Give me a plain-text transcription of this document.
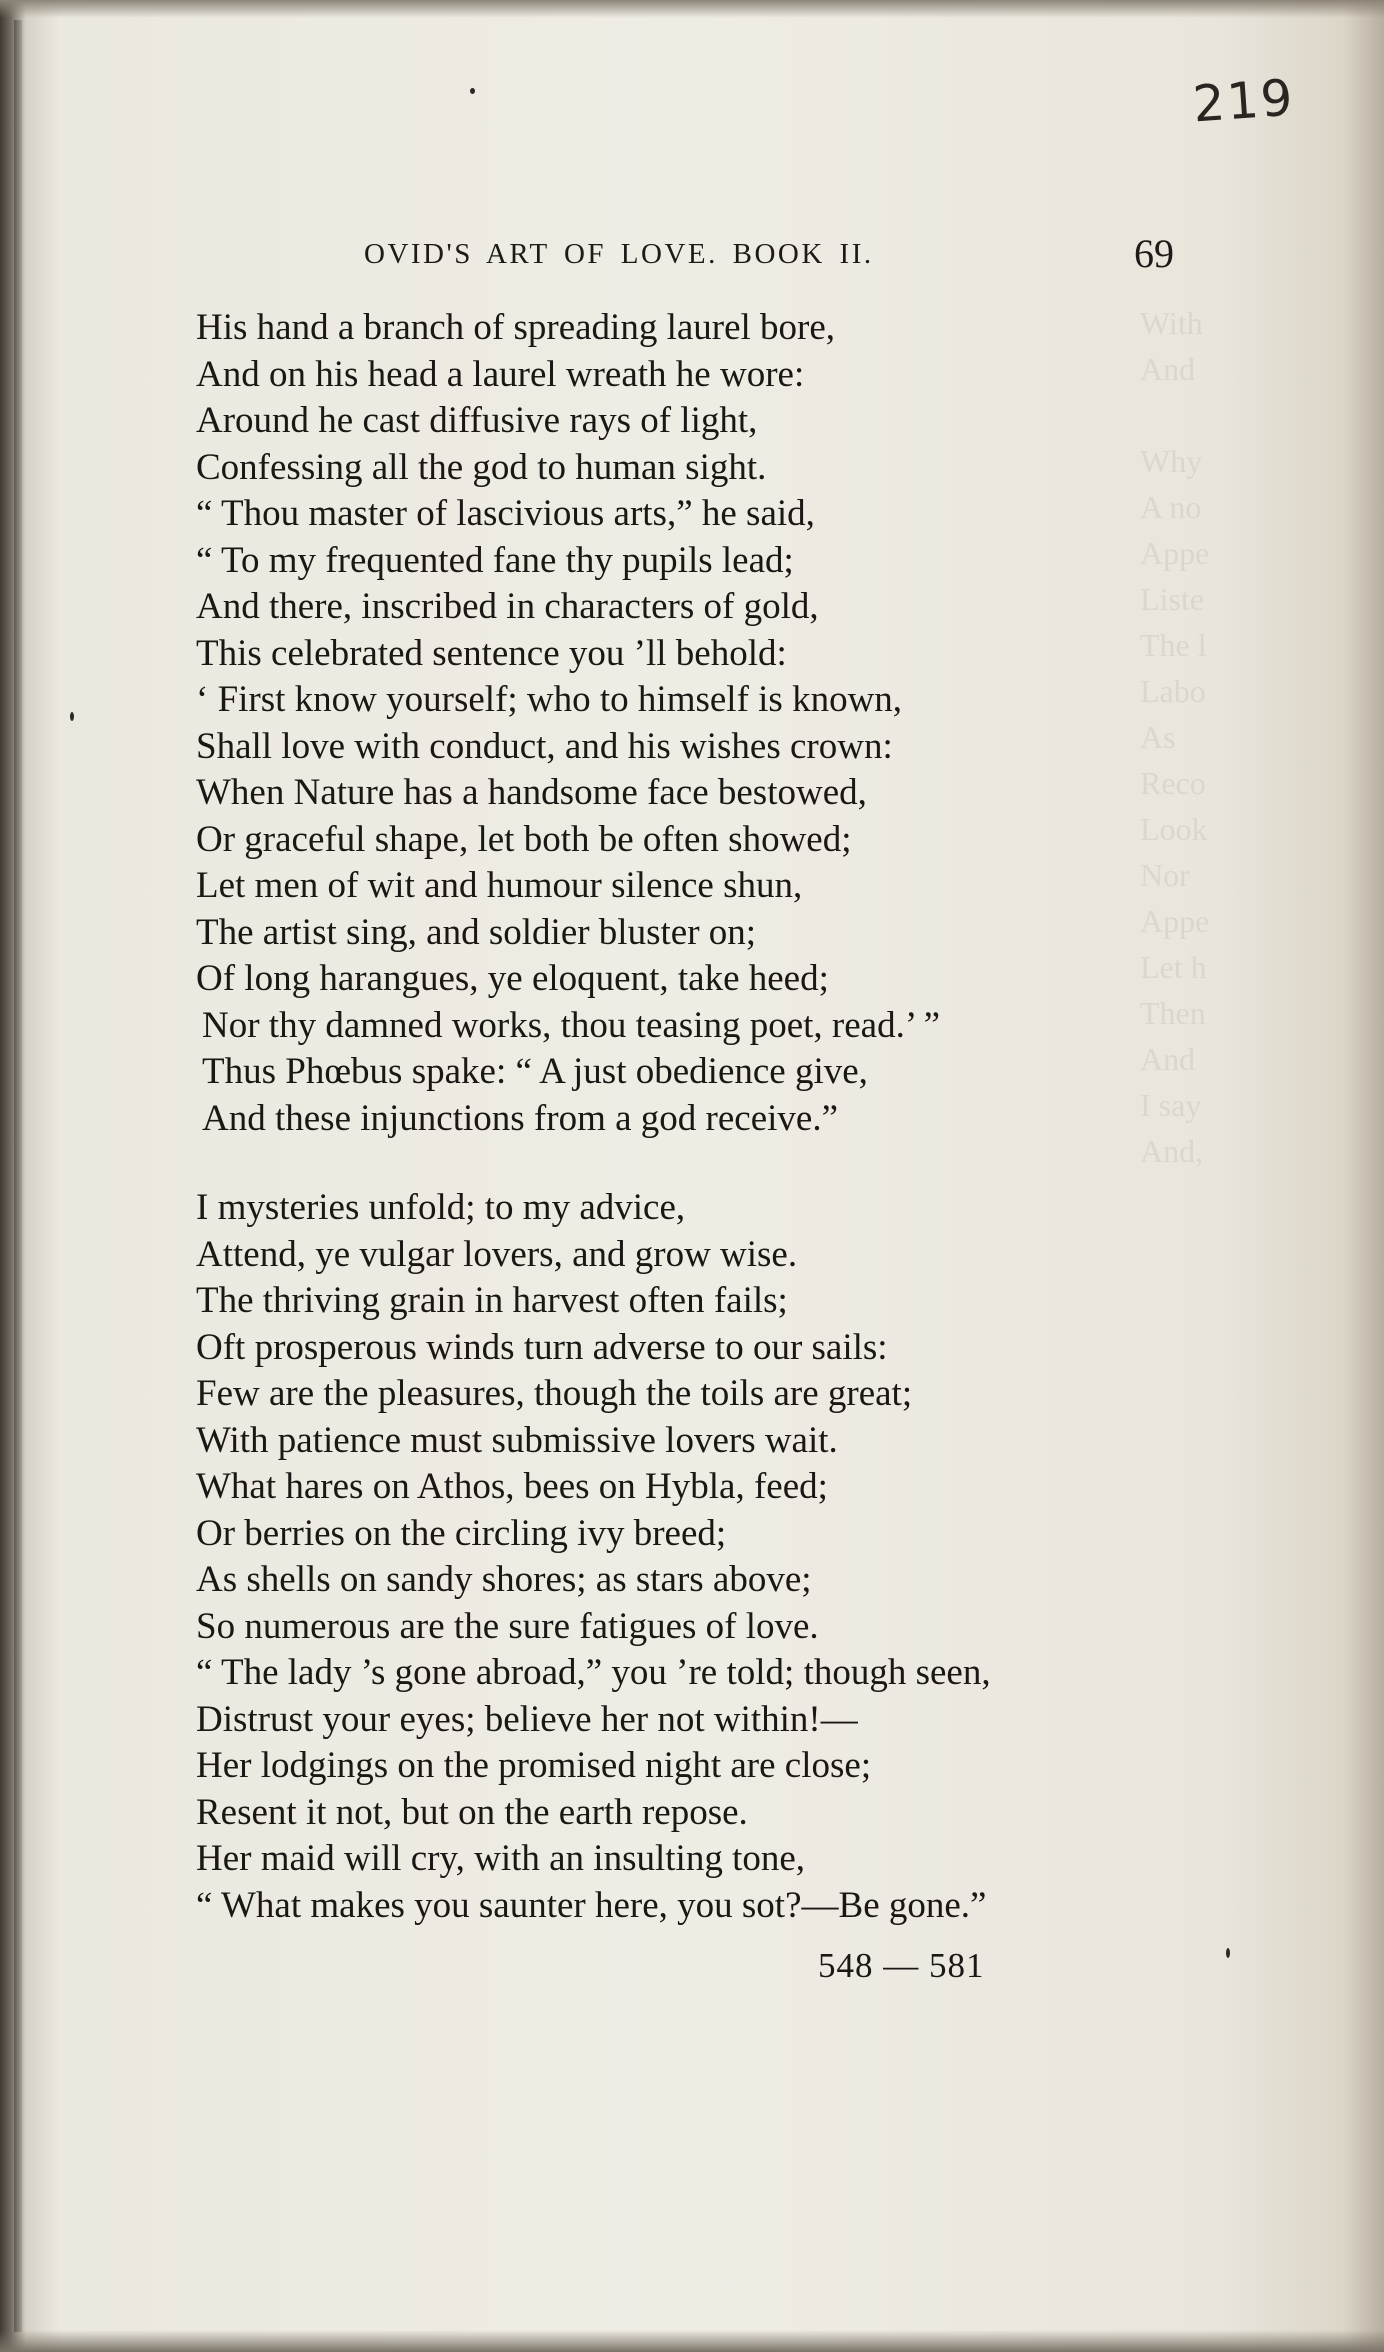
With
And

Why
A no
Appe
Liste
The l
Labo
As
Reco
Look
Nor
Appe
Let h
Then
And
I say
And,
219
OVID'S ART OF LOVE. BOOK II.	69
His hand a branch of spreading laurel bore,
And on his head a laurel wreath he wore:
Around he cast diffusive rays of light,
Confessing all the god to human sight.
“ Thou master of lascivious arts,” he said,
“ To my frequented fane thy pupils lead;
And there, inscribed in characters of gold,
This celebrated sentence you ’ll behold:
‘ First know yourself; who to himself is known,
Shall love with conduct, and his wishes crown:
When Nature has a handsome face bestowed,
Or graceful shape, let both be often showed;
Let men of wit and humour silence shun,
The artist sing, and soldier bluster on;
Of long harangues, ye eloquent, take heed;
Nor thy damned works, thou teasing poet, read.’ ”
Thus Phœbus spake: “ A just obedience give,
And these injunctions from a god receive.”
I mysteries unfold; to my advice,
Attend, ye vulgar lovers, and grow wise.
The thriving grain in harvest often fails;
Oft prosperous winds turn adverse to our sails:
Few are the pleasures, though the toils are great;
With patience must submissive lovers wait.
What hares on Athos, bees on Hybla, feed;
Or berries on the circling ivy breed;
As shells on sandy shores; as stars above;
So numerous are the sure fatigues of love.
“ The lady ’s gone abroad,” you ’re told; though seen,
Distrust your eyes; believe her not within!—
Her lodgings on the promised night are close;
Resent it not, but on the earth repose.
Her maid will cry, with an insulting tone,
“ What makes you saunter here, you sot?—Be gone.”
548 — 581
